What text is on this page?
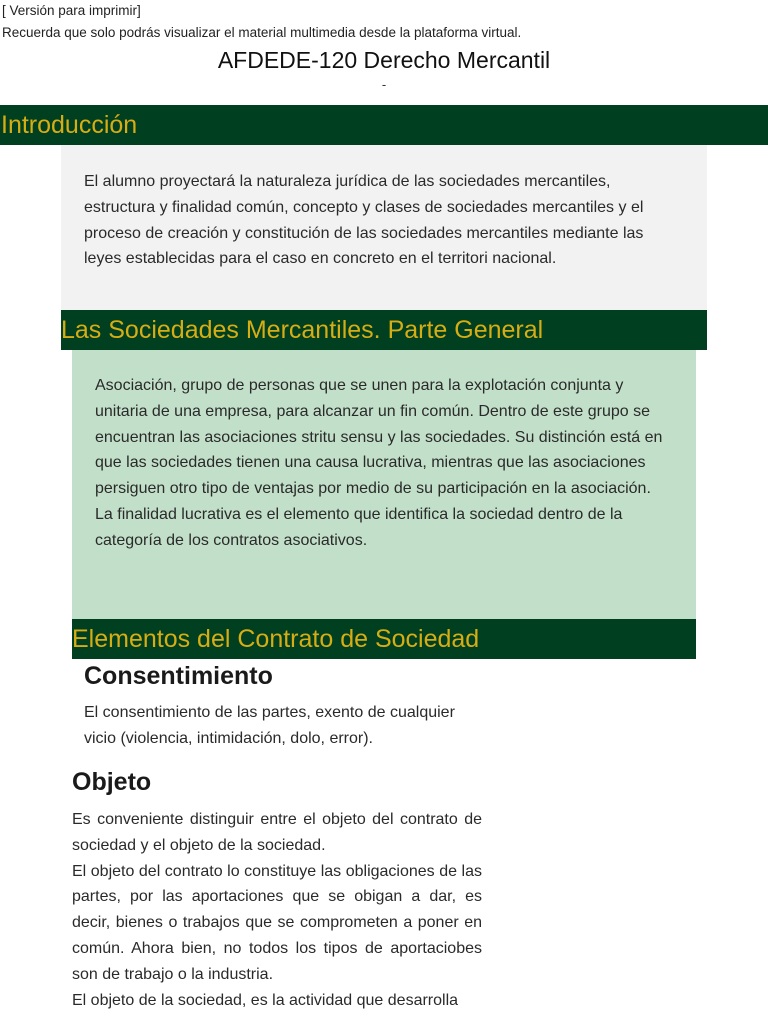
[ Versión para imprimir]
Recuerda que solo podrás visualizar el material multimedia desde la plataforma virtual.
AFDEDE-120 Derecho Mercantil
-
Introducción

El alumno proyectará la naturaleza jurídica de las sociedades mercantiles, estructura y finalidad común, concepto y clases de sociedades mercantiles y el proceso de creación y constitución de las sociedades mercantiles mediante las leyes establecidas para el caso en concreto en el territori nacional.

Las Sociedades Mercantiles. Parte General
Asociación, grupo de personas que se unen para la explotación conjunta y unitaria de una empresa, para alcanzar un fin común. Dentro de este grupo se encuentran las asociaciones stritu sensu y las sociedades. Su distinción está en que las sociedades tienen una causa lucrativa, mientras que las asociaciones persiguen otro tipo de ventajas por medio de su participación en la asociación.
La finalidad lucrativa es el elemento que identifica la sociedad dentro de la categoría de los contratos asociativos.
Elementos del Contrato de Sociedad
Consentimiento

El consentimiento de las partes, exento de cualquier vicio (violencia, intimidación, dolo, error).

Objeto
Es conveniente distinguir entre el objeto del contrato de sociedad y el objeto de la sociedad.
El objeto del contrato lo constituye las obligaciones de las partes, por las aportaciones que se obigan a dar, es decir, bienes o trabajos que se comprometen a poner en común. Ahora bien, no todos los tipos de aportaciobes son de trabajo o la industria.
El objeto de la sociedad, es la actividad que desarrolla
